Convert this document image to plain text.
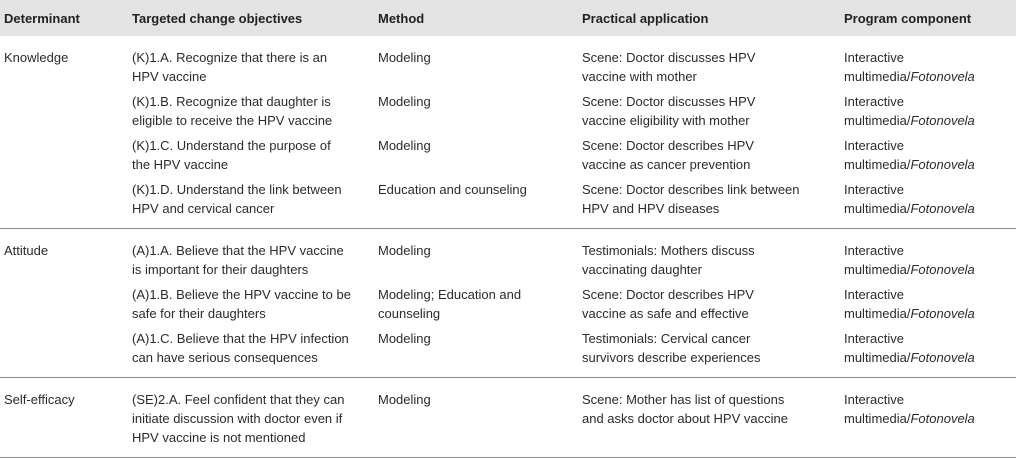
Determinant	Targeted change objectives	Method	Practical application	Program component
Knowledge	(K)1.A. Recognize that there is an
HPV vaccine	Modeling	Scene: Doctor discusses HPV
vaccine with mother	Interactive
multimedia/Fotonovela

	(K)1.B. Recognize that daughter is
eligible to receive the HPV vaccine	Modeling	Scene: Doctor discusses HPV
vaccine eligibility with mother	Interactive
multimedia/Fotonovela

	(K)1.C. Understand the purpose of
the HPV vaccine	Modeling	Scene: Doctor describes HPV
vaccine as cancer prevention	Interactive
multimedia/Fotonovela

	(K)1.D. Understand the link between
HPV and cervical cancer	Education and counseling	Scene: Doctor describes link between
HPV and HPV diseases	Interactive
multimedia/Fotonovela

Attitude	(A)1.A. Believe that the HPV vaccine
is important for their daughters	Modeling	Testimonials: Mothers discuss
vaccinating daughter	Interactive
multimedia/Fotonovela

	(A)1.B. Believe the HPV vaccine to be
safe for their daughters	Modeling; Education and
counseling	Scene: Doctor describes HPV
vaccine as safe and effective	Interactive
multimedia/Fotonovela

	(A)1.C. Believe that the HPV infection
can have serious consequences	Modeling	Testimonials: Cervical cancer
survivors describe experiences	Interactive
multimedia/Fotonovela

Self-efficacy	(SE)2.A. Feel confident that they can
initiate discussion with doctor even if
HPV vaccine is not mentioned	Modeling	Scene: Mother has list of questions
and asks doctor about HPV vaccine	Interactive
multimedia/Fotonovela
